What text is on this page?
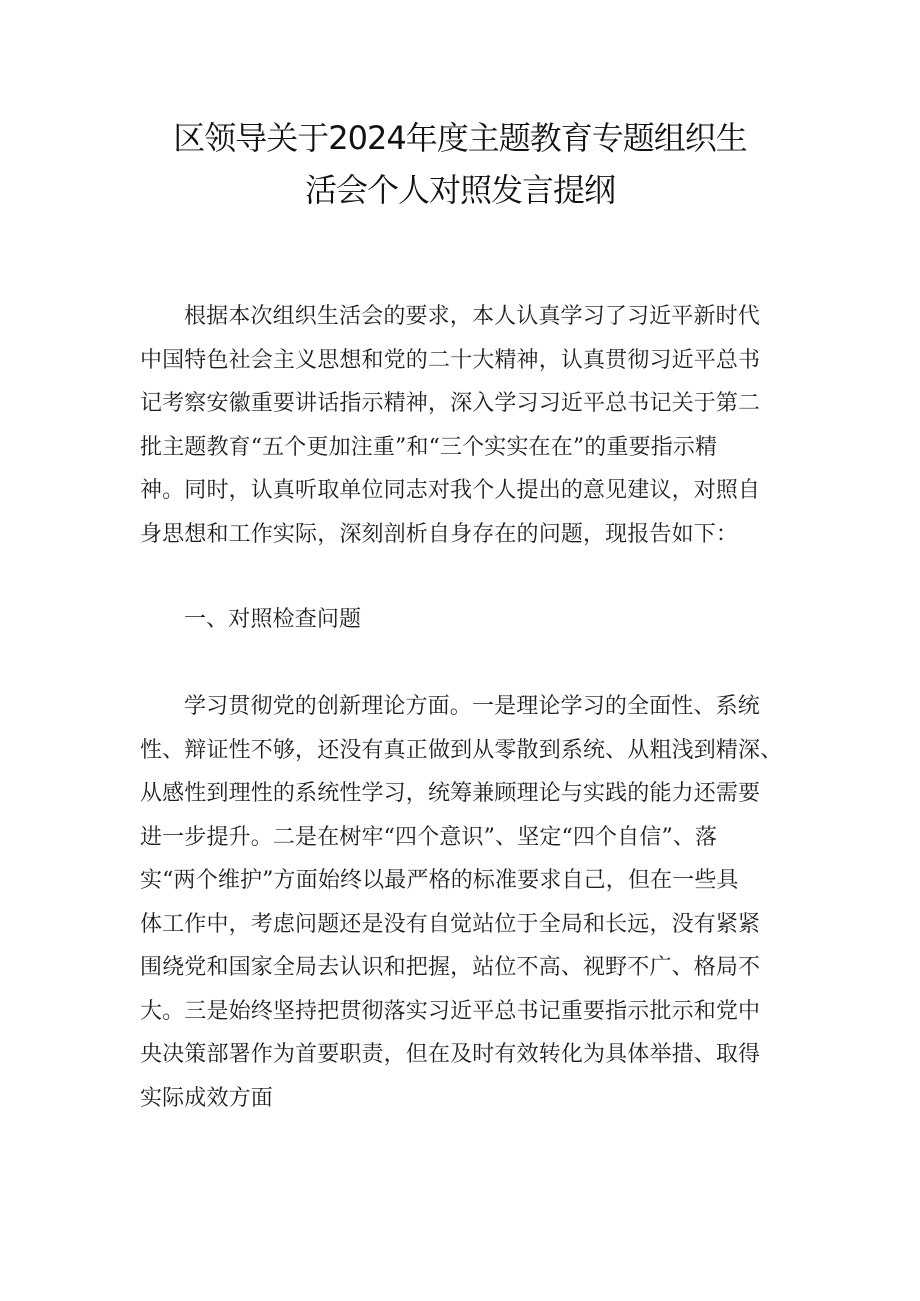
区领导关于2024年度主题教育专题组织生
活会个人对照发言提纲
根据本次组织生活会的要求，本人认真学习了习近平新时代
中国特色社会主义思想和党的二十大精神，认真贯彻习近平总书
记考察安徽重要讲话指示精神，深入学习习近平总书记关于第二
批主题教育“五个更加注重”和“三个实实在在”的重要指示精
神。同时，认真听取单位同志对我个人提出的意见建议，对照自
身思想和工作实际，深刻剖析自身存在的问题，现报告如下：
一、对照检查问题
学习贯彻党的创新理论方面。一是理论学习的全面性、系统
性、辩证性不够，还没有真正做到从零散到系统、从粗浅到精深、
从感性到理性的系统性学习，统筹兼顾理论与实践的能力还需要
进一步提升。二是在树牢“四个意识”、坚定“四个自信”、落
实“两个维护”方面始终以最严格的标准要求自己，但在一些具
体工作中，考虑问题还是没有自觉站位于全局和长远，没有紧紧
围绕党和国家全局去认识和把握，站位不高、视野不广、格局不
大。三是始终坚持把贯彻落实习近平总书记重要指示批示和党中
央决策部署作为首要职责，但在及时有效转化为具体举措、取得
实际成效方面
